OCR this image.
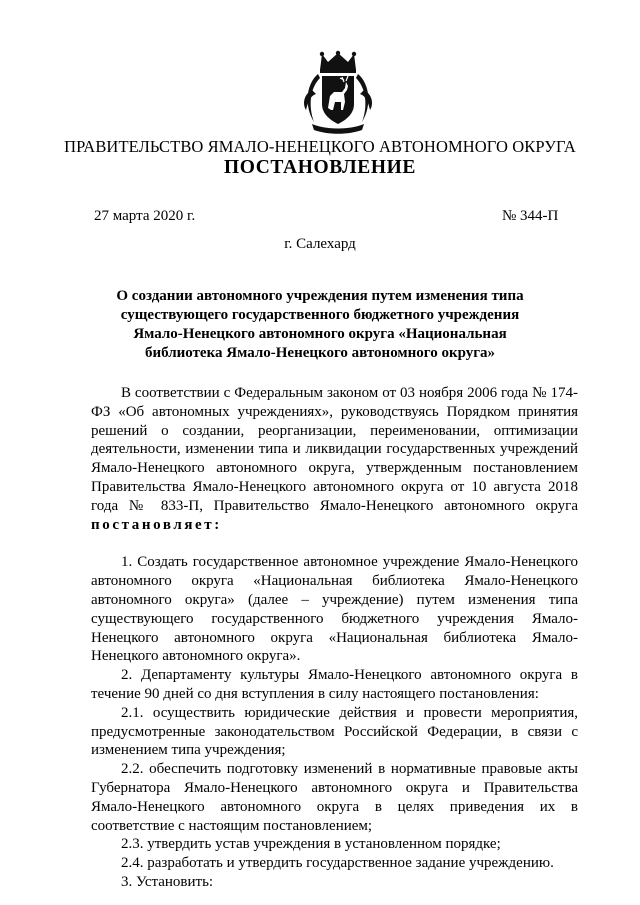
ПРАВИТЕЛЬСТВО ЯМАЛО-НЕНЕЦКОГО АВТОНОМНОГО ОКРУГА
ПОСТАНОВЛЕНИЕ
27 марта 2020 г.	№ 344-П
г. Салехард
О создании автономного учреждения путем изменения типа существующего государственного бюджетного учреждения Ямало-Ненецкого автономного округа «Национальная библиотека Ямало-Ненецкого автономного округа»

В соответствии с Федеральным законом от 03 ноября 2006 года № 174-ФЗ «Об автономных учреждениях», руководствуясь Порядком принятия решений о создании, реорганизации, переименовании, оптимизации деятельности, изменении типа и ликвидации государственных учреждений Ямало-Ненецкого автономного округа, утвержденным постановлением Правительства Ямало-Ненецкого автономного округа от 10 августа 2018 года № 833-П, Правительство Ямало-Ненецкого автономного округа постановляет:

1. Создать государственное автономное учреждение Ямало-Ненецкого автономного округа «Национальная библиотека Ямало-Ненецкого автономного округа» (далее – учреждение) путем изменения типа существующего государственного бюджетного учреждения Ямало-Ненецкого автономного округа «Национальная библиотека Ямало-Ненецкого автономного округа».

2. Департаменту культуры Ямало-Ненецкого автономного округа в течение 90 дней со дня вступления в силу настоящего постановления:

2.1. осуществить юридические действия и провести мероприятия, предусмотренные законодательством Российской Федерации, в связи с изменением типа учреждения;

2.2. обеспечить подготовку изменений в нормативные правовые акты Губернатора Ямало-Ненецкого автономного округа и Правительства Ямало-Ненецкого автономного округа в целях приведения их в соответствие с настоящим постановлением;

2.3. утвердить устав учреждения в установленном порядке;

2.4. разработать и утвердить государственное задание учреждению.

3. Установить:
